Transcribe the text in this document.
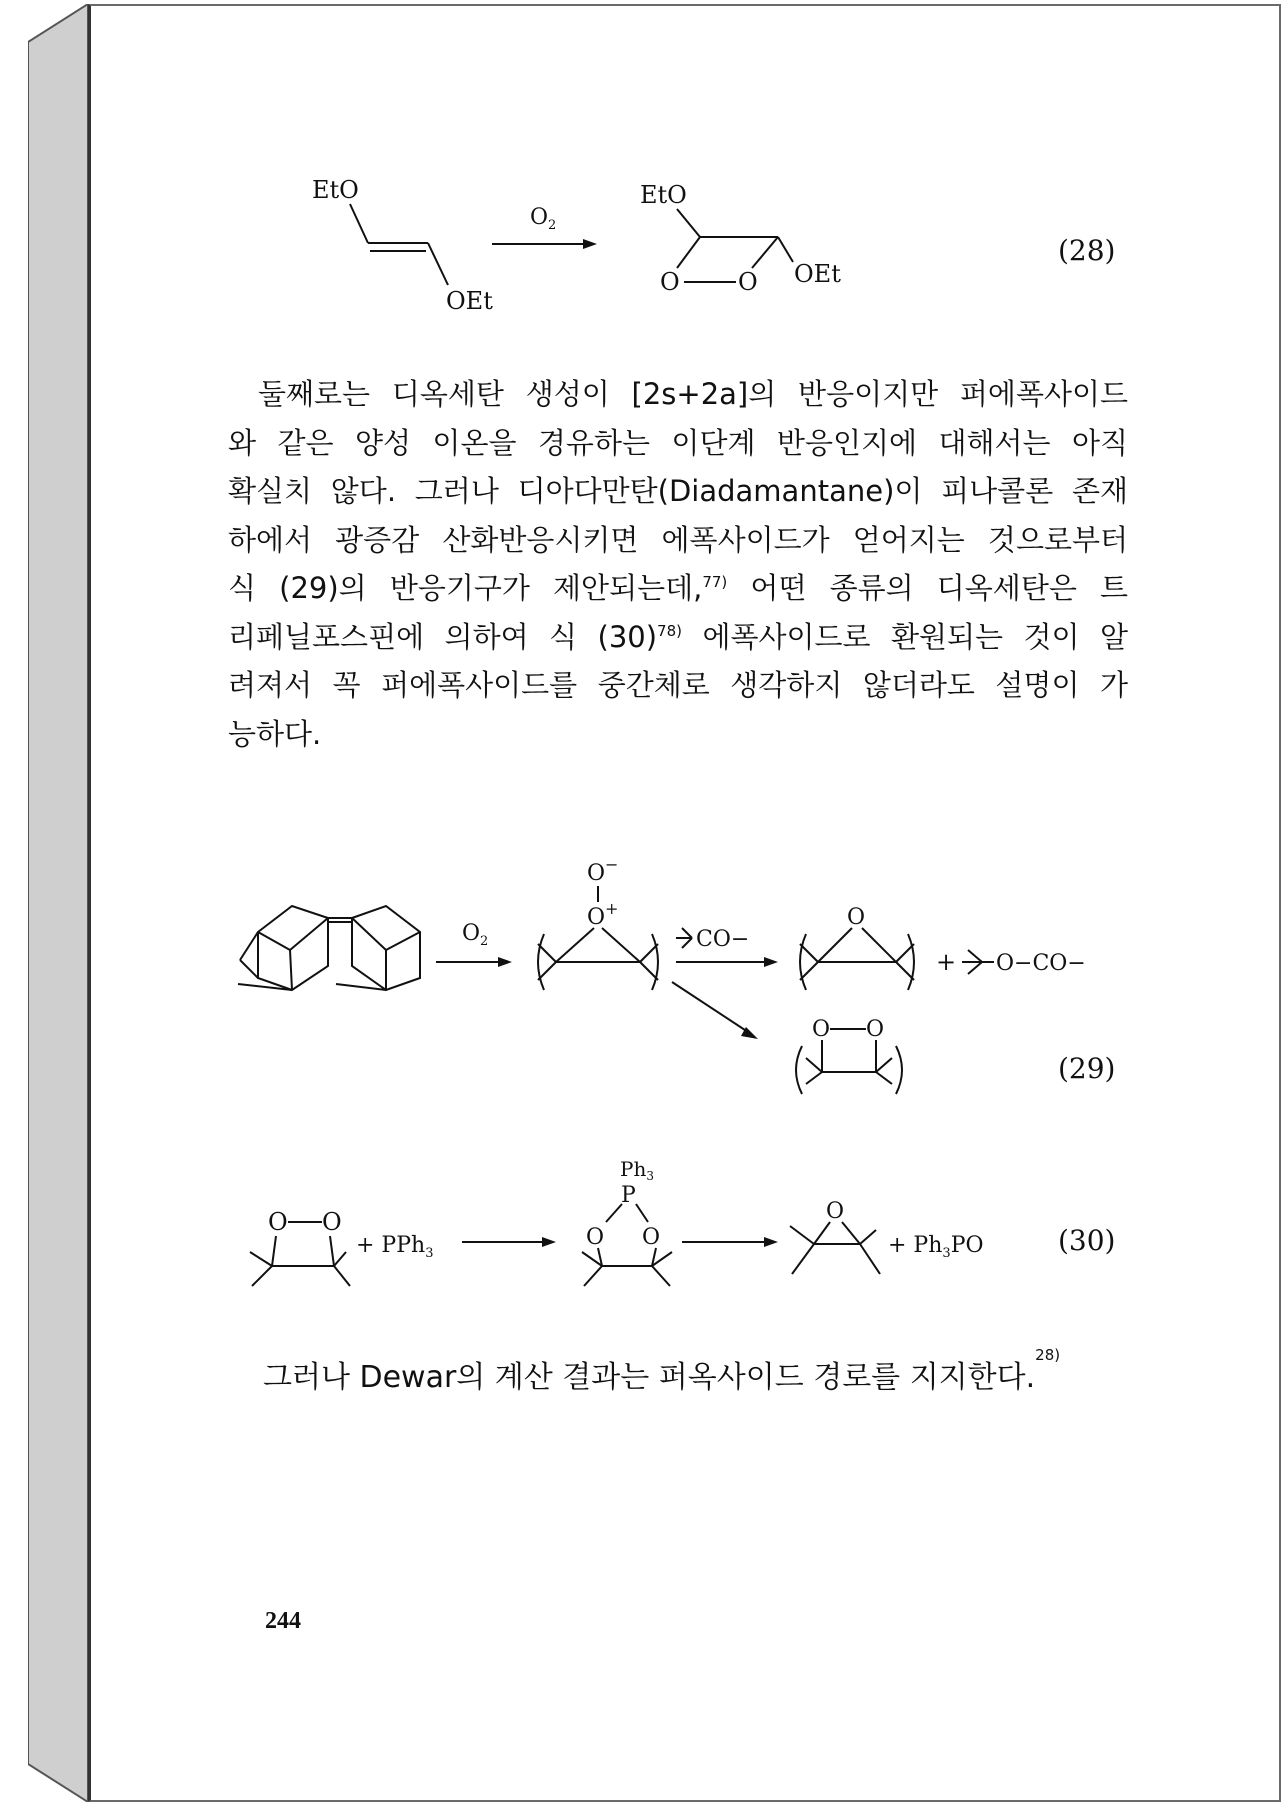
EtO
OEt
$O_2$
EtO
O O OEt
(28)
둘째로는 디옥세탄 생성이 [2s+2a]의 반응이지만 퍼에폭사이드
와 같은 양성 이온을 경유하는 이단계 반응인지에 대해서는 아직
확실치 않다. 그러나 디아다만탄(Diadamantane)이 피나콜론 존재
하에서 광증감 산화반응시키면 에폭사이드가 얻어지는 것으로부터
식 (29)의 반응기구가 제안되는데,$^{77)}$ 어떤 종류의 디옥세탄은 트
리페닐포스핀에 의하여 식 (30)$^{78)}$ 에폭사이드로 환원되는 것이 알
려져서 꼭 퍼에폭사이드를 중간체로 생각하지 않더라도 설명이 가
능하다.
$O_2$
O−
O+
CO−
O
+ O−CO−
O O
(29)
O O
+ PPh$_3$
$Ph_3$
P
O O
O
+ $Ph_3PO$	(30)
그러나 Dewar의 계산 결과는 퍼옥사이드 경로를 지지한다.$^{28)}$
244
